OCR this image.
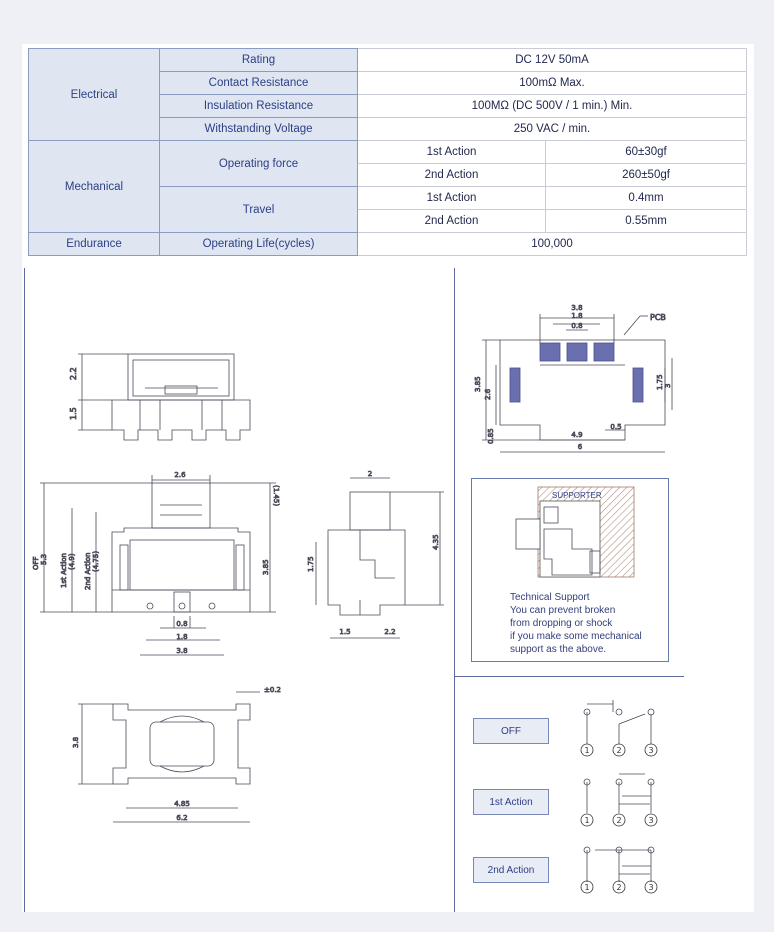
Electrical	Rating	DC 12V 50mA	
	Contact Resistance	100mΩ Max.	
	Insulation Resistance	100MΩ (DC 500V / 1 min.) Min.	
	Withstanding Voltage	250 VAC / min.	
Mechanical	Operating force	1st Action	60±30gf
		2nd Action	260±50gf
	Travel	1st Action	0.4mm
		2nd Action	0.55mm
Endurance	Operating Life(cycles)	100,000	
2.2
1.5
2.6
(1.45)
3.85
OFF 5.3 1st Action (4.9) 2nd Action (4.75)
0.8
1.8
3.8
2
4.35
1.75
1.5	2.2
±0.2
3.8
4.85
6.2
3.8
1.8
0.8
PCB
3.85
2.6
0.85
1.75 3
4.9
6
0.5
1	2	3
1	2	3
1	2	3
SUPPORTER
Technical Support
You can prevent broken
from dropping or shock
if you make some mechanical
support as the above.
OFF
1st Action
2nd Action
